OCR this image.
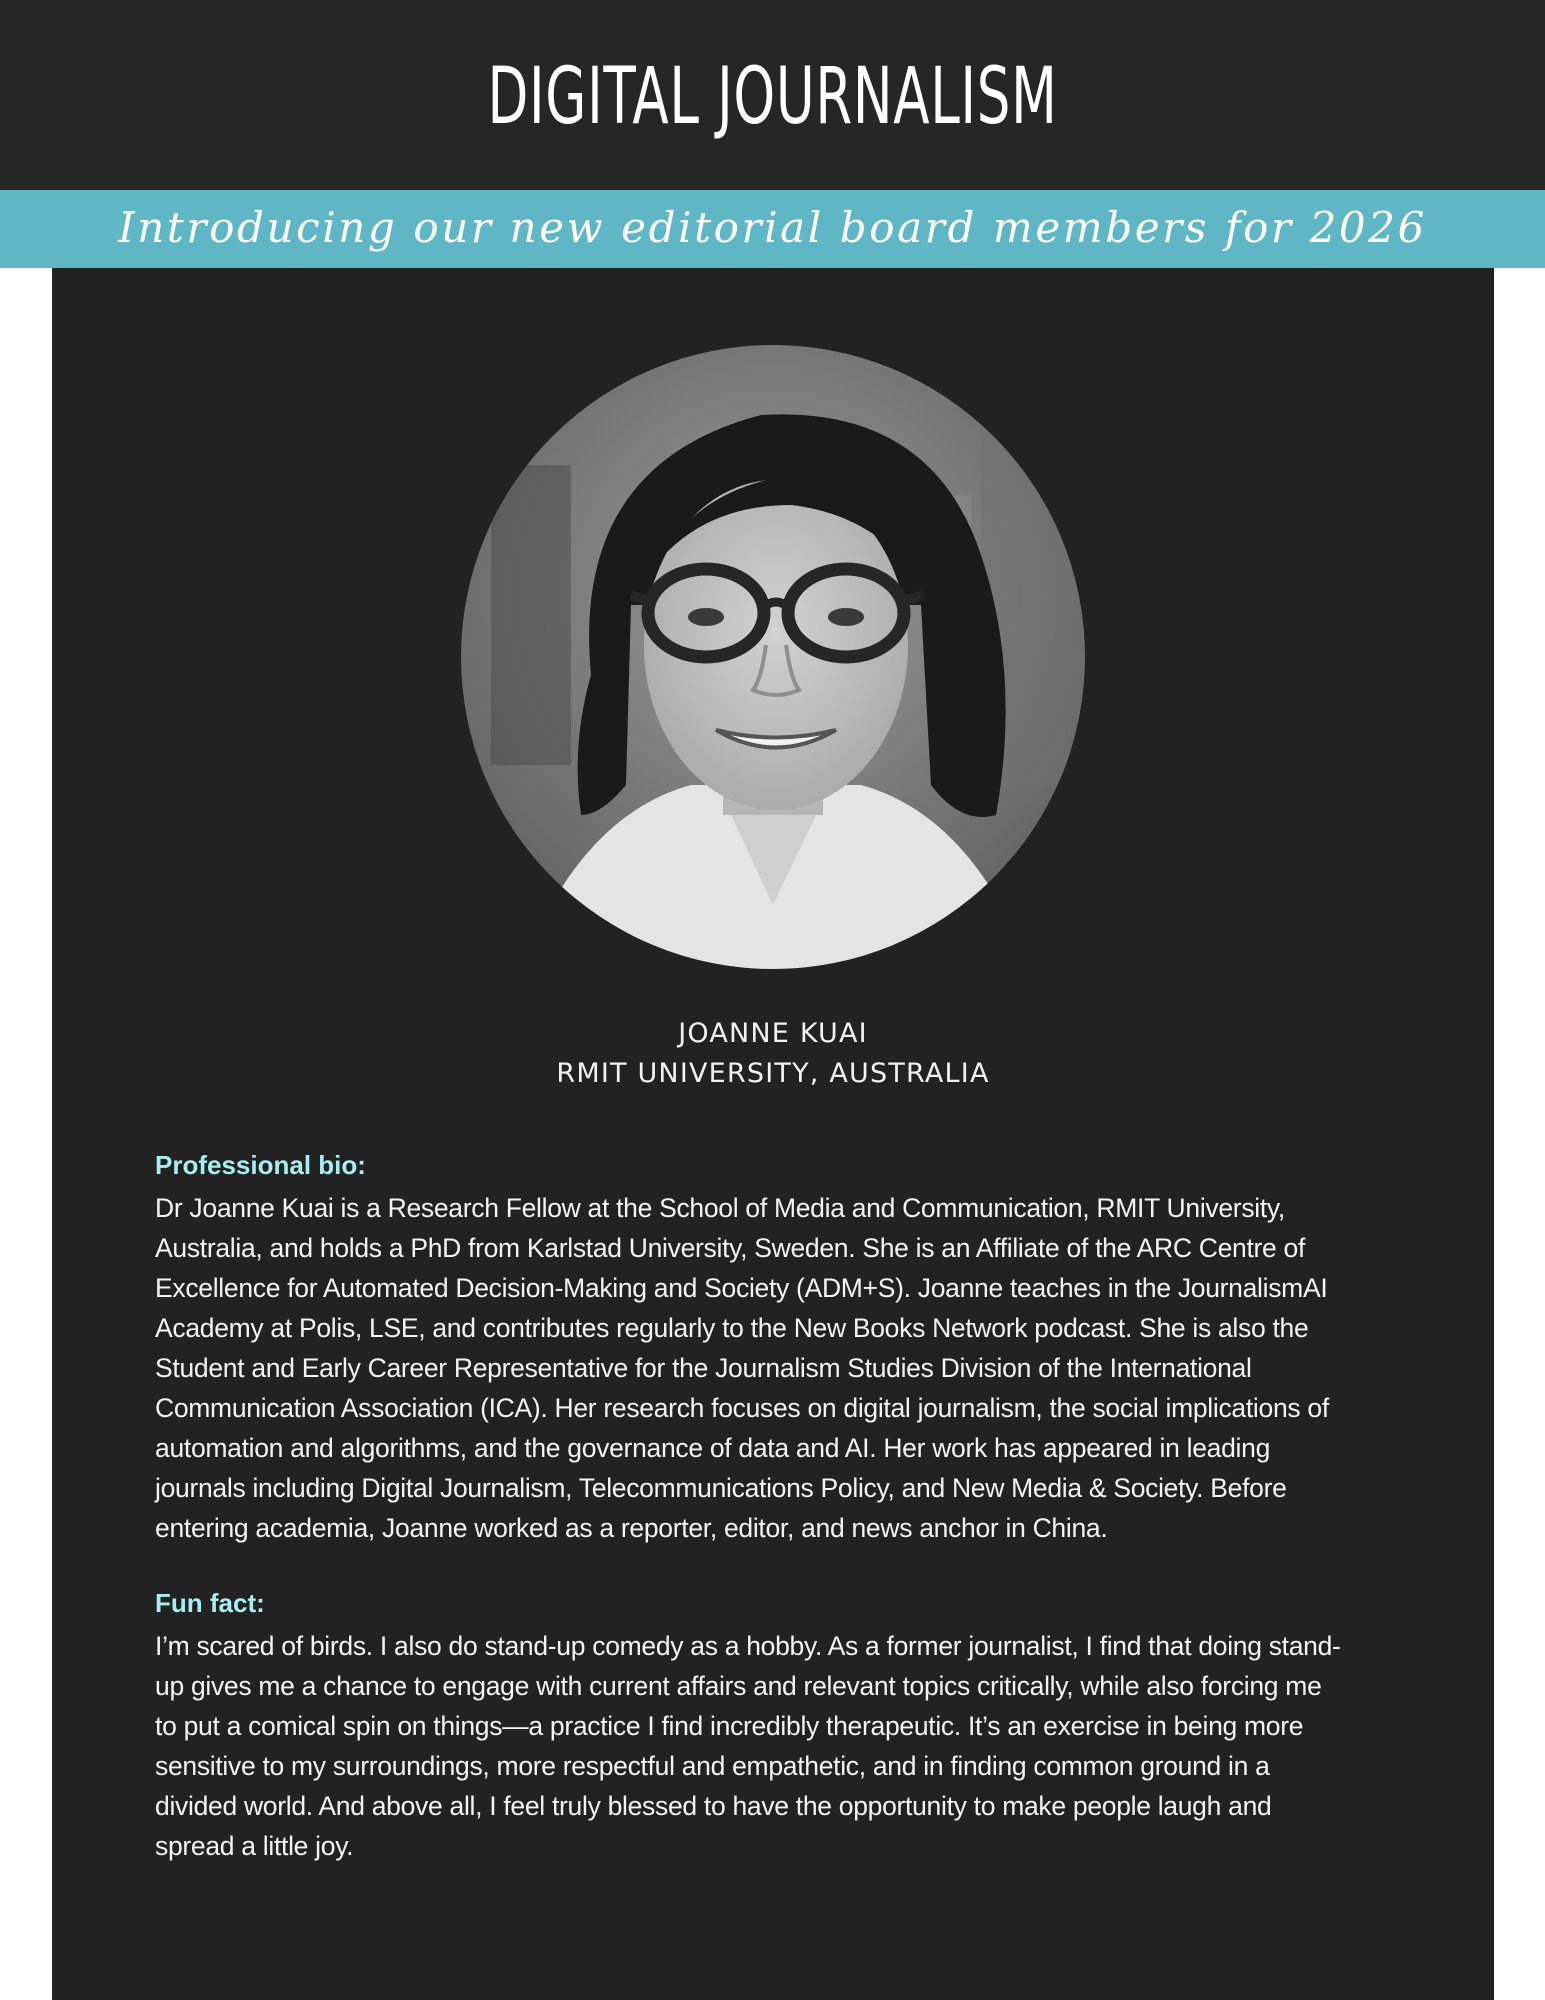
DIGITAL JOURNALISM
Introducing our new editorial board members for 2026
JOANNE KUAI
RMIT UNIVERSITY, AUSTRALIA
Professional bio:
Dr Joanne Kuai is a Research Fellow at the School of Media and Communication, RMIT University,
Australia, and holds a PhD from Karlstad University, Sweden. She is an Affiliate of the ARC Centre of
Excellence for Automated Decision-Making and Society (ADM+S). Joanne teaches in the JournalismAI
Academy at Polis, LSE, and contributes regularly to the New Books Network podcast. She is also the
Student and Early Career Representative for the Journalism Studies Division of the International
Communication Association (ICA). Her research focuses on digital journalism, the social implications of
automation and algorithms, and the governance of data and AI. Her work has appeared in leading
journals including Digital Journalism, Telecommunications Policy, and New Media & Society. Before
entering academia, Joanne worked as a reporter, editor, and news anchor in China.
Fun fact:
I’m scared of birds. I also do stand-up comedy as a hobby. As a former journalist, I find that doing stand-
up gives me a chance to engage with current affairs and relevant topics critically, while also forcing me
to put a comical spin on things—a practice I find incredibly therapeutic. It’s an exercise in being more
sensitive to my surroundings, more respectful and empathetic, and in finding common ground in a
divided world. And above all, I feel truly blessed to have the opportunity to make people laugh and
spread a little joy.
